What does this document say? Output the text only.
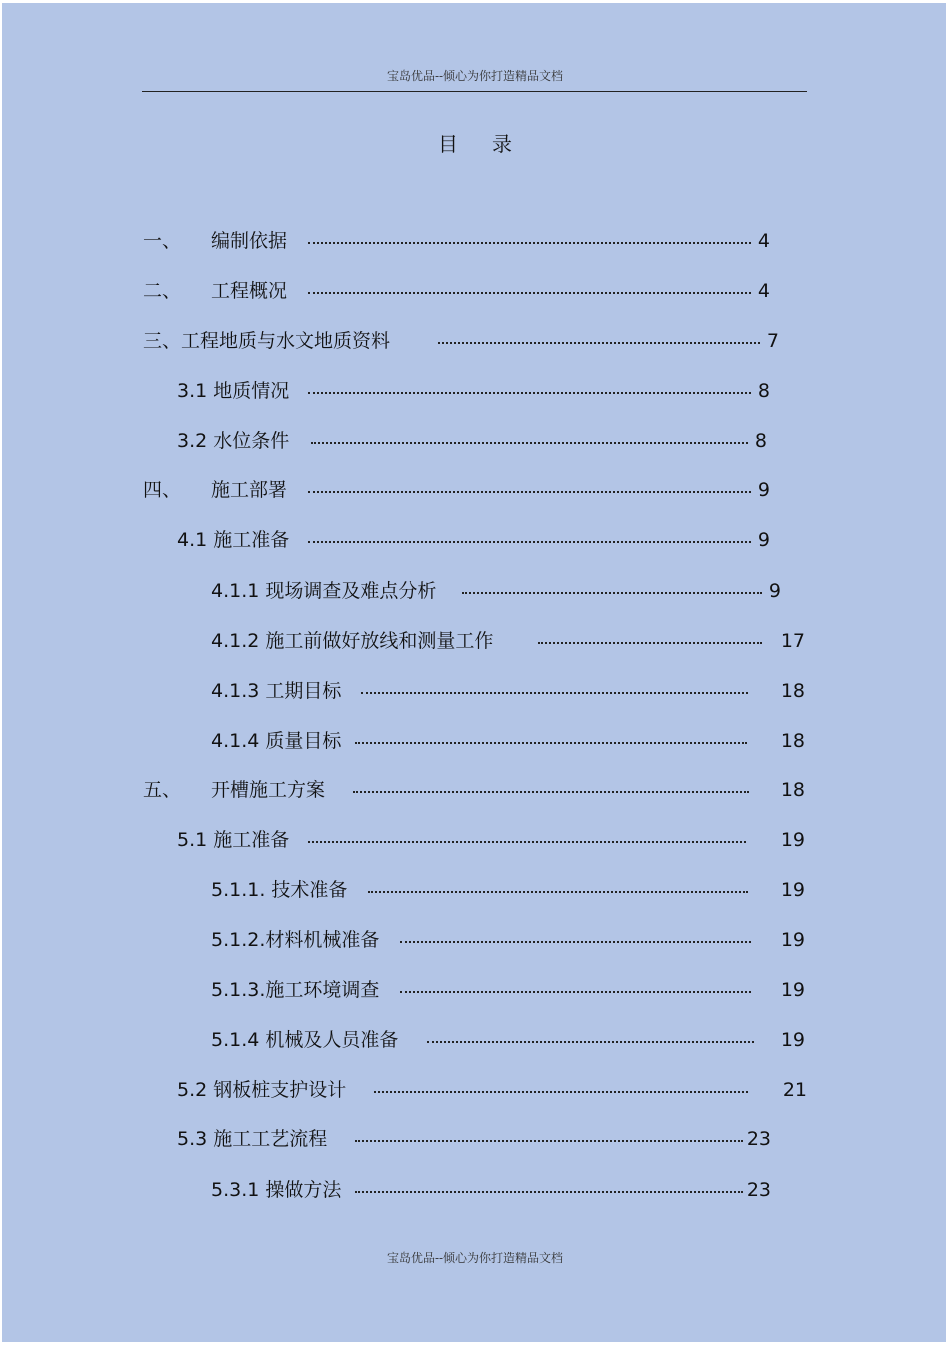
宝岛优品--倾心为你打造精品文档
目录
一、 编制依据	4
二、 工程概况	4
三、工程地质与水文地质资料	7
3.1 地质情况	8
3.2 水位条件	8
四、 施工部署	9
4.1 施工准备	9
4.1.1 现场调查及难点分析	9
4.1.2 施工前做好放线和测量工作	17
4.1.3 工期目标	18
4.1.4 质量目标	18
五、 开槽施工方案	18
5.1 施工准备	19
5.1.1. 技术准备	19
5.1.2.材料机械准备	19
5.1.3.施工环境调查	19
5.1.4 机械及人员准备	19
5.2 钢板桩支护设计	21
5.3 施工工艺流程	23
5.3.1 操做方法	23
宝岛优品--倾心为你打造精品文档
